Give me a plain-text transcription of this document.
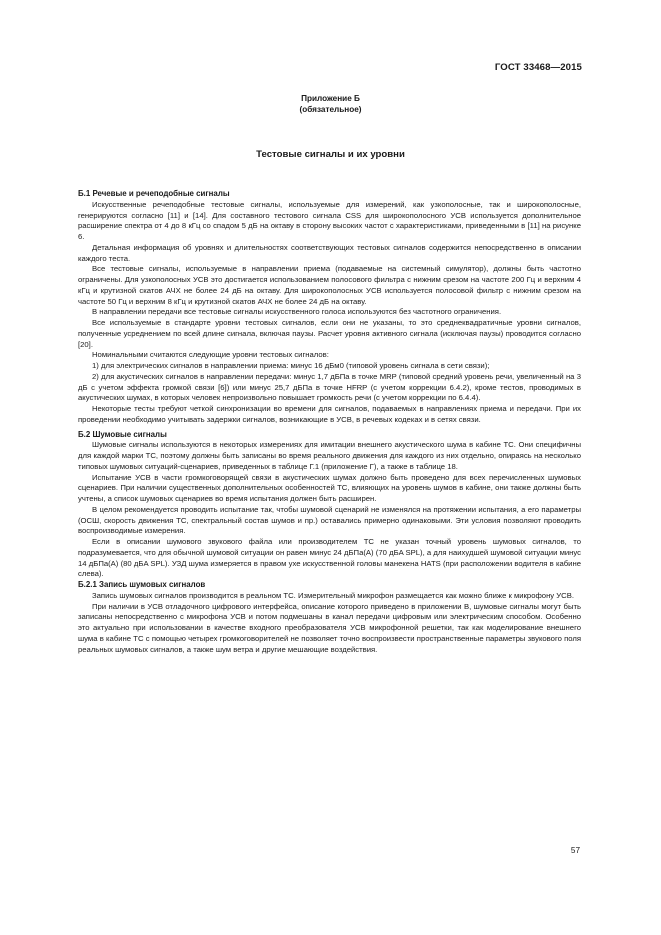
ГОСТ 33468—2015
Приложение Б
(обязательное)
Тестовые сигналы и их уровни
Б.1 Речевые и речеподобные сигналы

Искусственные речеподобные тестовые сигналы, используемые для измерений, как узкополосные, так и широкополосные, генерируются согласно [11] и [14]. Для составного тестового сигнала CSS для широкополосного УСВ используется дополнительное расширение спектра от 4 до 8 кГц со спадом 5 дБ на октаву в сторону высоких частот с характеристиками, приведенными в [11] на рисунке 6.

Детальная информация об уровнях и длительностях соответствующих тестовых сигналов содержится непосредственно в описании каждого теста.

Все тестовые сигналы, используемые в направлении приема (подаваемые на системный симулятор), должны быть частотно ограничены. Для узкополосных УСВ это достигается использованием полосового фильтра с нижним срезом на частоте 200 Гц и верхним 4 кГц и крутизной скатов АЧХ не более 24 дБ на октаву. Для широкополосных УСВ используется полосовой фильтр с нижним срезом на частоте 50 Гц и верхним 8 кГц и крутизной скатов АЧХ не более 24 дБ на октаву.

В направлении передачи все тестовые сигналы искусственного голоса используются без частотного ограничения.

Все используемые в стандарте уровни тестовых сигналов, если они не указаны, то это среднеквадратичные уровни сигналов, полученные усреднением по всей длине сигнала, включая паузы. Расчет уровня активного сигнала (исключая паузы) проводится согласно [20].

Номинальными считаются следующие уровни тестовых сигналов:

1) для электрических сигналов в направлении приема: минус 16 дБм0 (типовой уровень сигнала в сети связи);

2) для акустических сигналов в направлении передачи: минус 1,7 дБПа в точке MRP (типовой средний уровень речи, увеличенный на 3 дБ с учетом эффекта громкой связи [6]) или минус 25,7 дБПа в точке HFRP (с учетом коррекции 6.4.2), кроме тестов, проводимых в акустических шумах, в которых человек непроизвольно повышает громкость речи (с учетом коррекции по 6.4.4).

Некоторые тесты требуют четкой синхронизации во времени для сигналов, подаваемых в направлениях приема и передачи. При их проведении необходимо учитывать задержки сигналов, возникающие в УСВ, в речевых кодеках и в сетях связи.

Б.2 Шумовые сигналы

Шумовые сигналы используются в некоторых измерениях для имитации внешнего акустического шума в кабине ТС. Они специфичны для каждой марки ТС, поэтому должны быть записаны во время реального движения для каждого из них отдельно, опираясь на несколько типовых шумовых ситуаций-сценариев, приведенных в таблице Г.1 (приложение Г), а также в таблице 18.

Испытание УСВ в части громкоговорящей связи в акустических шумах должно быть проведено для всех перечисленных шумовых сценариев. При наличии существенных дополнительных особенностей ТС, влияющих на уровень шумов в кабине, они также должны быть учтены, а список шумовых сценариев во время испытания должен быть расширен.

В целом рекомендуется проводить испытание так, чтобы шумовой сценарий не изменялся на протяжении испытания, а его параметры (ОСШ, скорость движения ТС, спектральный состав шумов и пр.) оставались примерно одинаковыми. Эти условия позволяют проводить воспроизводимые измерения.

Если в описании шумового звукового файла или производителем ТС не указан точный уровень шумовых сигналов, то подразумевается, что для обычной шумовой ситуации он равен минус 24 дБПа(A) (70 дБA SPL), а для наихудшей шумовой ситуации минус 14 дБПа(A) (80 дБA SPL). УЗД шума измеряется в правом ухе искусственной головы манекена HATS (при расположении водителя в кабине слева).

Б.2.1 Запись шумовых сигналов

Запись шумовых сигналов производится в реальном ТС. Измерительный микрофон размещается как можно ближе к микрофону УСВ.

При наличии в УСВ отладочного цифрового интерфейса, описание которого приведено в приложении В, шумовые сигналы могут быть записаны непосредственно с микрофона УСВ и потом подмешаны в канал передачи цифровым или электрическим способом. Особенно это актуально при использовании в качестве входного преобразователя УСВ микрофонной решетки, так как моделирование внешнего шума в кабине ТС с помощью четырех громкоговорителей не позволяет точно воспроизвести пространственные параметры звукового поля реальных шумовых сигналов, а также шум ветра и другие мешающие воздействия.

57
